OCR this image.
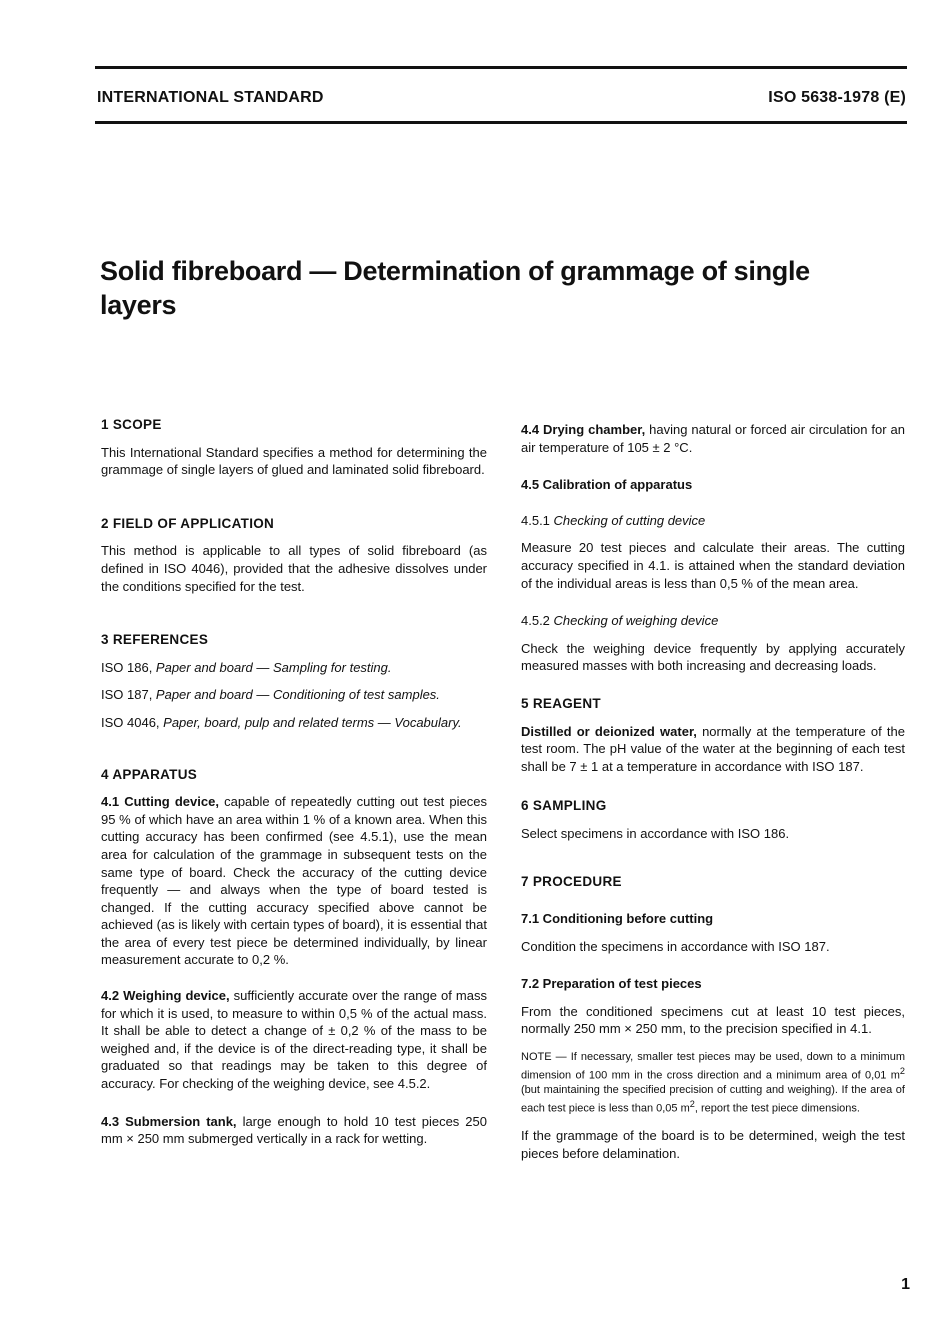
INTERNATIONAL STANDARD	ISO 5638-1978 (E)
Solid fibreboard — Determination of grammage of single layers
1 SCOPE

This International Standard specifies a method for determining the grammage of single layers of glued and laminated solid fibreboard.

2 FIELD OF APPLICATION

This method is applicable to all types of solid fibreboard (as defined in ISO 4046), provided that the adhesive dissolves under the conditions specified for the test.

3 REFERENCES

ISO 186, Paper and board — Sampling for testing.

ISO 187, Paper and board — Conditioning of test samples.

ISO 4046, Paper, board, pulp and related terms — Vocabulary.

4 APPARATUS

4.1 Cutting device, capable of repeatedly cutting out test pieces 95 % of which have an area within 1 % of a known area. When this cutting accuracy has been confirmed (see 4.5.1), use the mean area for calculation of the grammage in subsequent tests on the same type of board. Check the accuracy of the cutting device frequently — and always when the type of board tested is changed. If the cutting accuracy specified above cannot be achieved (as is likely with certain types of board), it is essential that the area of every test piece be determined individually, by linear measurement accurate to 0,2 %.

4.2 Weighing device, sufficiently accurate over the range of mass for which it is used, to measure to within 0,5 % of the actual mass. It shall be able to detect a change of ± 0,2 % of the mass to be weighed and, if the device is of the direct-reading type, it shall be graduated so that readings may be taken to this degree of accuracy. For checking of the weighing device, see 4.5.2.

4.3 Submersion tank, large enough to hold 10 test pieces 250 mm × 250 mm submerged vertically in a rack for wetting.

4.4 Drying chamber, having natural or forced air circulation for an air temperature of 105 ± 2 °C.

4.5 Calibration of apparatus

4.5.1 Checking of cutting device

Measure 20 test pieces and calculate their areas. The cutting accuracy specified in 4.1. is attained when the standard deviation of the individual areas is less than 0,5 % of the mean area.

4.5.2 Checking of weighing device

Check the weighing device frequently by applying accurately measured masses with both increasing and decreasing loads.

5 REAGENT

Distilled or deionized water, normally at the temperature of the test room. The pH value of the water at the beginning of each test shall be 7 ± 1 at a temperature in accordance with ISO 187.

6 SAMPLING

Select specimens in accordance with ISO 186.

7 PROCEDURE
7.1 Conditioning before cutting

Condition the specimens in accordance with ISO 187.

7.2 Preparation of test pieces

From the conditioned specimens cut at least 10 test pieces, normally 250 mm × 250 mm, to the precision specified in 4.1.

NOTE — If necessary, smaller test pieces may be used, down to a minimum dimension of 100 mm in the cross direction and a minimum area of 0,01 $m^2$ (but maintaining the specified precision of cutting and weighing). If the area of each test piece is less than 0,05 $m^2$, report the test piece dimensions.

If the grammage of the board is to be determined, weigh the test pieces before delamination.

1
